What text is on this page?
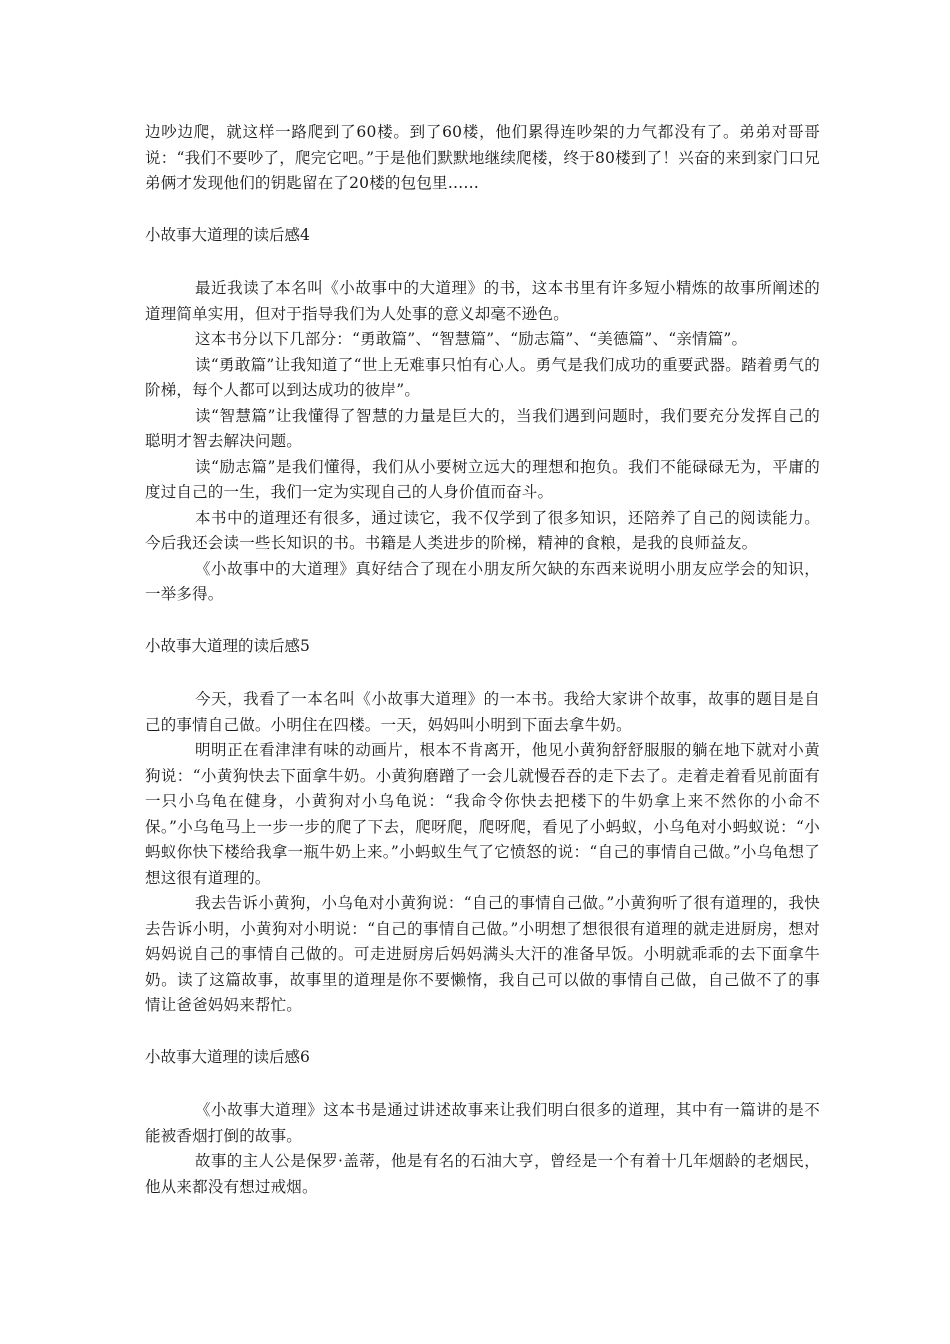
边吵边爬，就这样一路爬到了60楼。到了60楼，他们累得连吵架的力气都没有了。弟弟对哥哥说：“我们不要吵了，爬完它吧。”于是他们默默地继续爬楼，终于80楼到了！兴奋的来到家门口兄弟俩才发现他们的钥匙留在了20楼的包包里……

小故事大道理的读后感4

最近我读了本名叫《小故事中的大道理》的书，这本书里有许多短小精炼的故事所阐述的道理简单实用，但对于指导我们为人处事的意义却毫不逊色。

这本书分以下几部分：“勇敢篇”、“智慧篇”、“励志篇”、“美德篇”、“亲情篇”。

读“勇敢篇”让我知道了“世上无难事只怕有心人。勇气是我们成功的重要武器。踏着勇气的阶梯，每个人都可以到达成功的彼岸”。

读“智慧篇”让我懂得了智慧的力量是巨大的，当我们遇到问题时，我们要充分发挥自己的聪明才智去解决问题。

读“励志篇”是我们懂得，我们从小要树立远大的理想和抱负。我们不能碌碌无为，平庸的度过自己的一生，我们一定为实现自己的人身价值而奋斗。

本书中的道理还有很多，通过读它，我不仅学到了很多知识，还陪养了自己的阅读能力。今后我还会读一些长知识的书。书籍是人类进步的阶梯，精神的食粮，是我的良师益友。

《小故事中的大道理》真好结合了现在小朋友所欠缺的东西来说明小朋友应学会的知识，一举多得。

小故事大道理的读后感5

今天，我看了一本名叫《小故事大道理》的一本书。我给大家讲个故事，故事的题目是自己的事情自己做。小明住在四楼。一天，妈妈叫小明到下面去拿牛奶。

明明正在看津津有味的动画片，根本不肯离开，他见小黄狗舒舒服服的躺在地下就对小黄狗说：“小黄狗快去下面拿牛奶。小黄狗磨蹭了一会儿就慢吞吞的走下去了。走着走着看见前面有一只小乌龟在健身，小黄狗对小乌龟说：“我命令你快去把楼下的牛奶拿上来不然你的小命不保。”小乌龟马上一步一步的爬了下去，爬呀爬，爬呀爬，看见了小蚂蚁，小乌龟对小蚂蚁说：“小蚂蚁你快下楼给我拿一瓶牛奶上来。”小蚂蚁生气了它愤怒的说：“自己的事情自己做。”小乌龟想了想这很有道理的。

我去告诉小黄狗，小乌龟对小黄狗说：“自己的事情自己做。”小黄狗听了很有道理的，我快去告诉小明，小黄狗对小明说：“自己的事情自己做。”小明想了想很很有道理的就走进厨房，想对妈妈说自己的事情自己做的。可走进厨房后妈妈满头大汗的准备早饭。小明就乖乖的去下面拿牛奶。读了这篇故事，故事里的道理是你不要懒惰，我自己可以做的事情自己做，自己做不了的事情让爸爸妈妈来帮忙。

小故事大道理的读后感6

《小故事大道理》这本书是通过讲述故事来让我们明白很多的道理，其中有一篇讲的是不能被香烟打倒的故事。

故事的主人公是保罗·盖蒂，他是有名的石油大亨，曾经是一个有着十几年烟龄的老烟民，他从来都没有想过戒烟。
